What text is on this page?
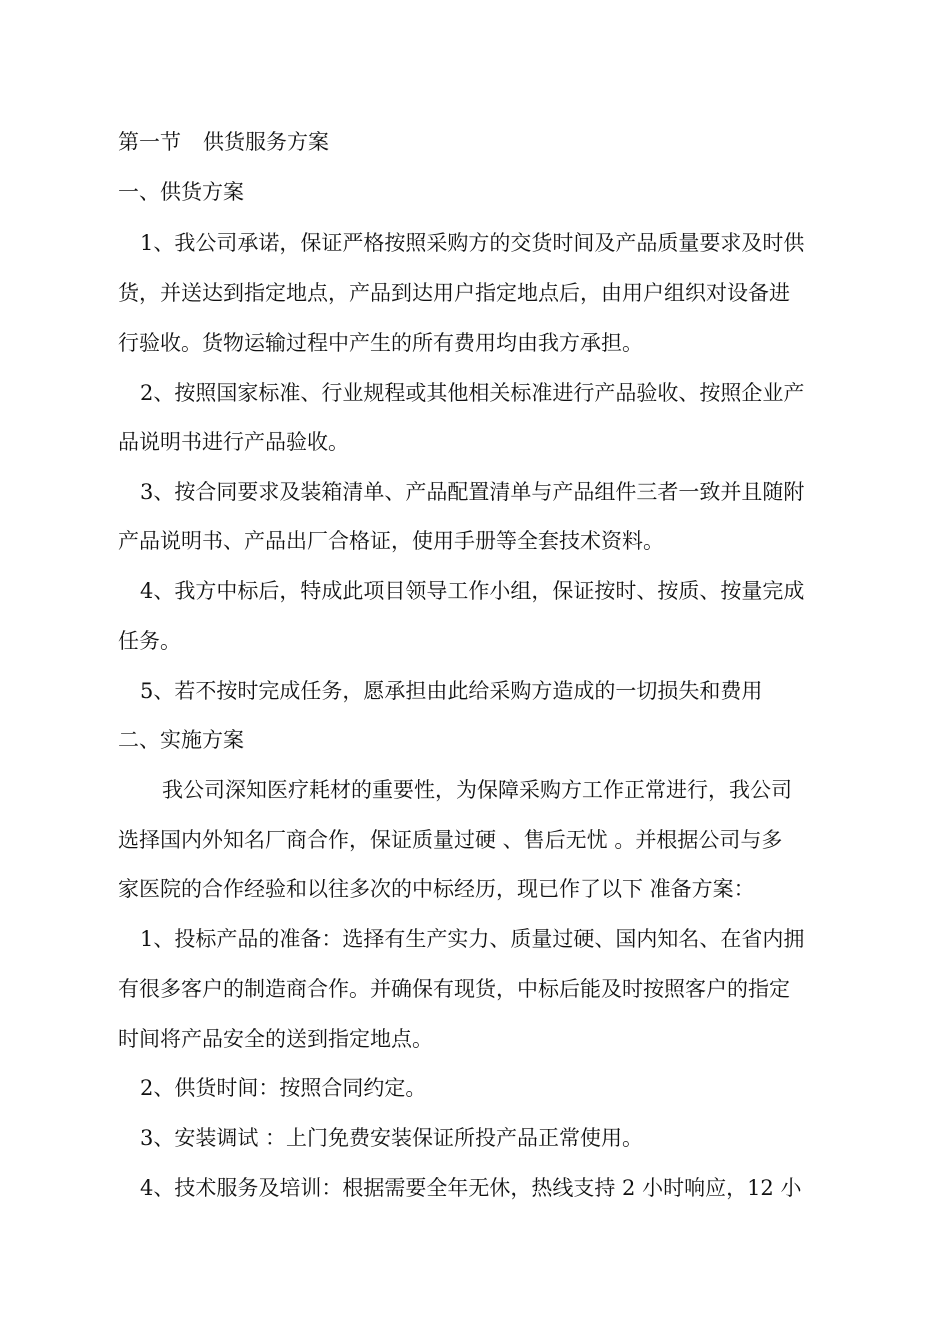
第一节 供货服务方案
一、供货方案
1、我公司承诺，保证严格按照采购方的交货时间及产品质量要求及时供
货，并送达到指定地点，产品到达用户指定地点后，由用户组织对设备进
行验收。货物运输过程中产生的所有费用均由我方承担。
2、按照国家标准、行业规程或其他相关标准进行产品验收、按照企业产
品说明书进行产品验收。
3、按合同要求及装箱清单、产品配置清单与产品组件三者一致并且随附
产品说明书、产品出厂合格证，使用手册等全套技术资料。
4、我方中标后，特成此项目领导工作小组，保证按时、按质、按量完成
任务。
5、若不按时完成任务，愿承担由此给采购方造成的一切损失和费用
二、实施方案
我公司深知医疗耗材的重要性，为保障采购方工作正常进行，我公司
选择国内外知名厂商合作，保证质量过硬 、售后无忧 。并根据公司与多
家医院的合作经验和以往多次的中标经历，现已作了以下 准备方案：
1、投标产品的准备：选择有生产实力、质量过硬、国内知名、在省内拥
有很多客户的制造商合作。并确保有现货，中标后能及时按照客户的指定
时间将产品安全的送到指定地点。
2、供货时间：按照合同约定。
3、安装调试 ：上门免费安装保证所投产品正常使用。
4、技术服务及培训：根据需要全年无休，热线支持 2 小时响应，12 小
